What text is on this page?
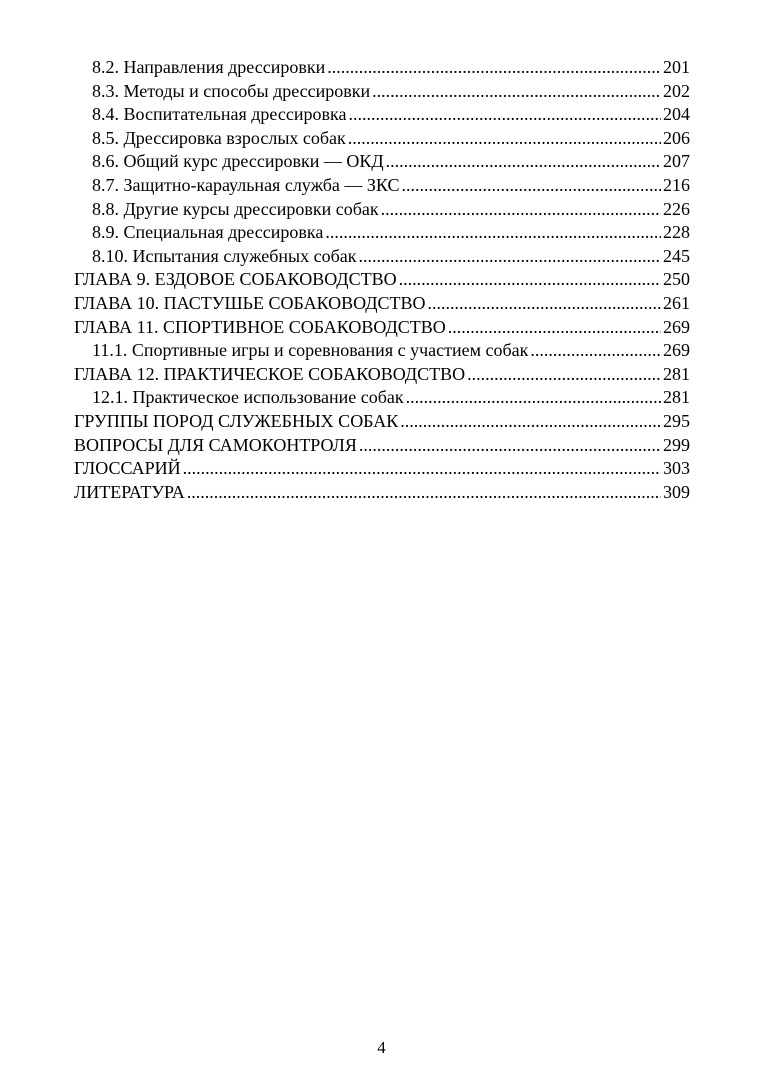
8.2. Направления дрессировки .....	201
8.3. Методы и способы дрессировки .....	202
8.4. Воспитательная дрессировка .....	204
8.5. Дрессировка взрослых собак .....	206
8.6. Общий курс дрессировки — ОКД .....	207
8.7. Защитно-караульная служба — ЗКС .....	216
8.8. Другие курсы дрессировки собак .....	226
8.9. Специальная дрессировка .....	228
8.10. Испытания служебных собак .....	245
ГЛАВА 9. ЕЗДОВОЕ СОБАКОВОДСТВО .....	250
ГЛАВА 10. ПАСТУШЬЕ СОБАКОВОДСТВО .....	261
ГЛАВА 11. СПОРТИВНОЕ СОБАКОВОДСТВО .....	269
11.1. Спортивные игры и соревнования с участием собак .....	269
ГЛАВА 12. ПРАКТИЧЕСКОЕ СОБАКОВОДСТВО .....	281
12.1. Практическое использование собак .....	281
ГРУППЫ ПОРОД СЛУЖЕБНЫХ СОБАК .....	295
ВОПРОСЫ ДЛЯ САМОКОНТРОЛЯ .....	299
ГЛОССАРИЙ .....	303
ЛИТЕРАТУРА .....	309
4
